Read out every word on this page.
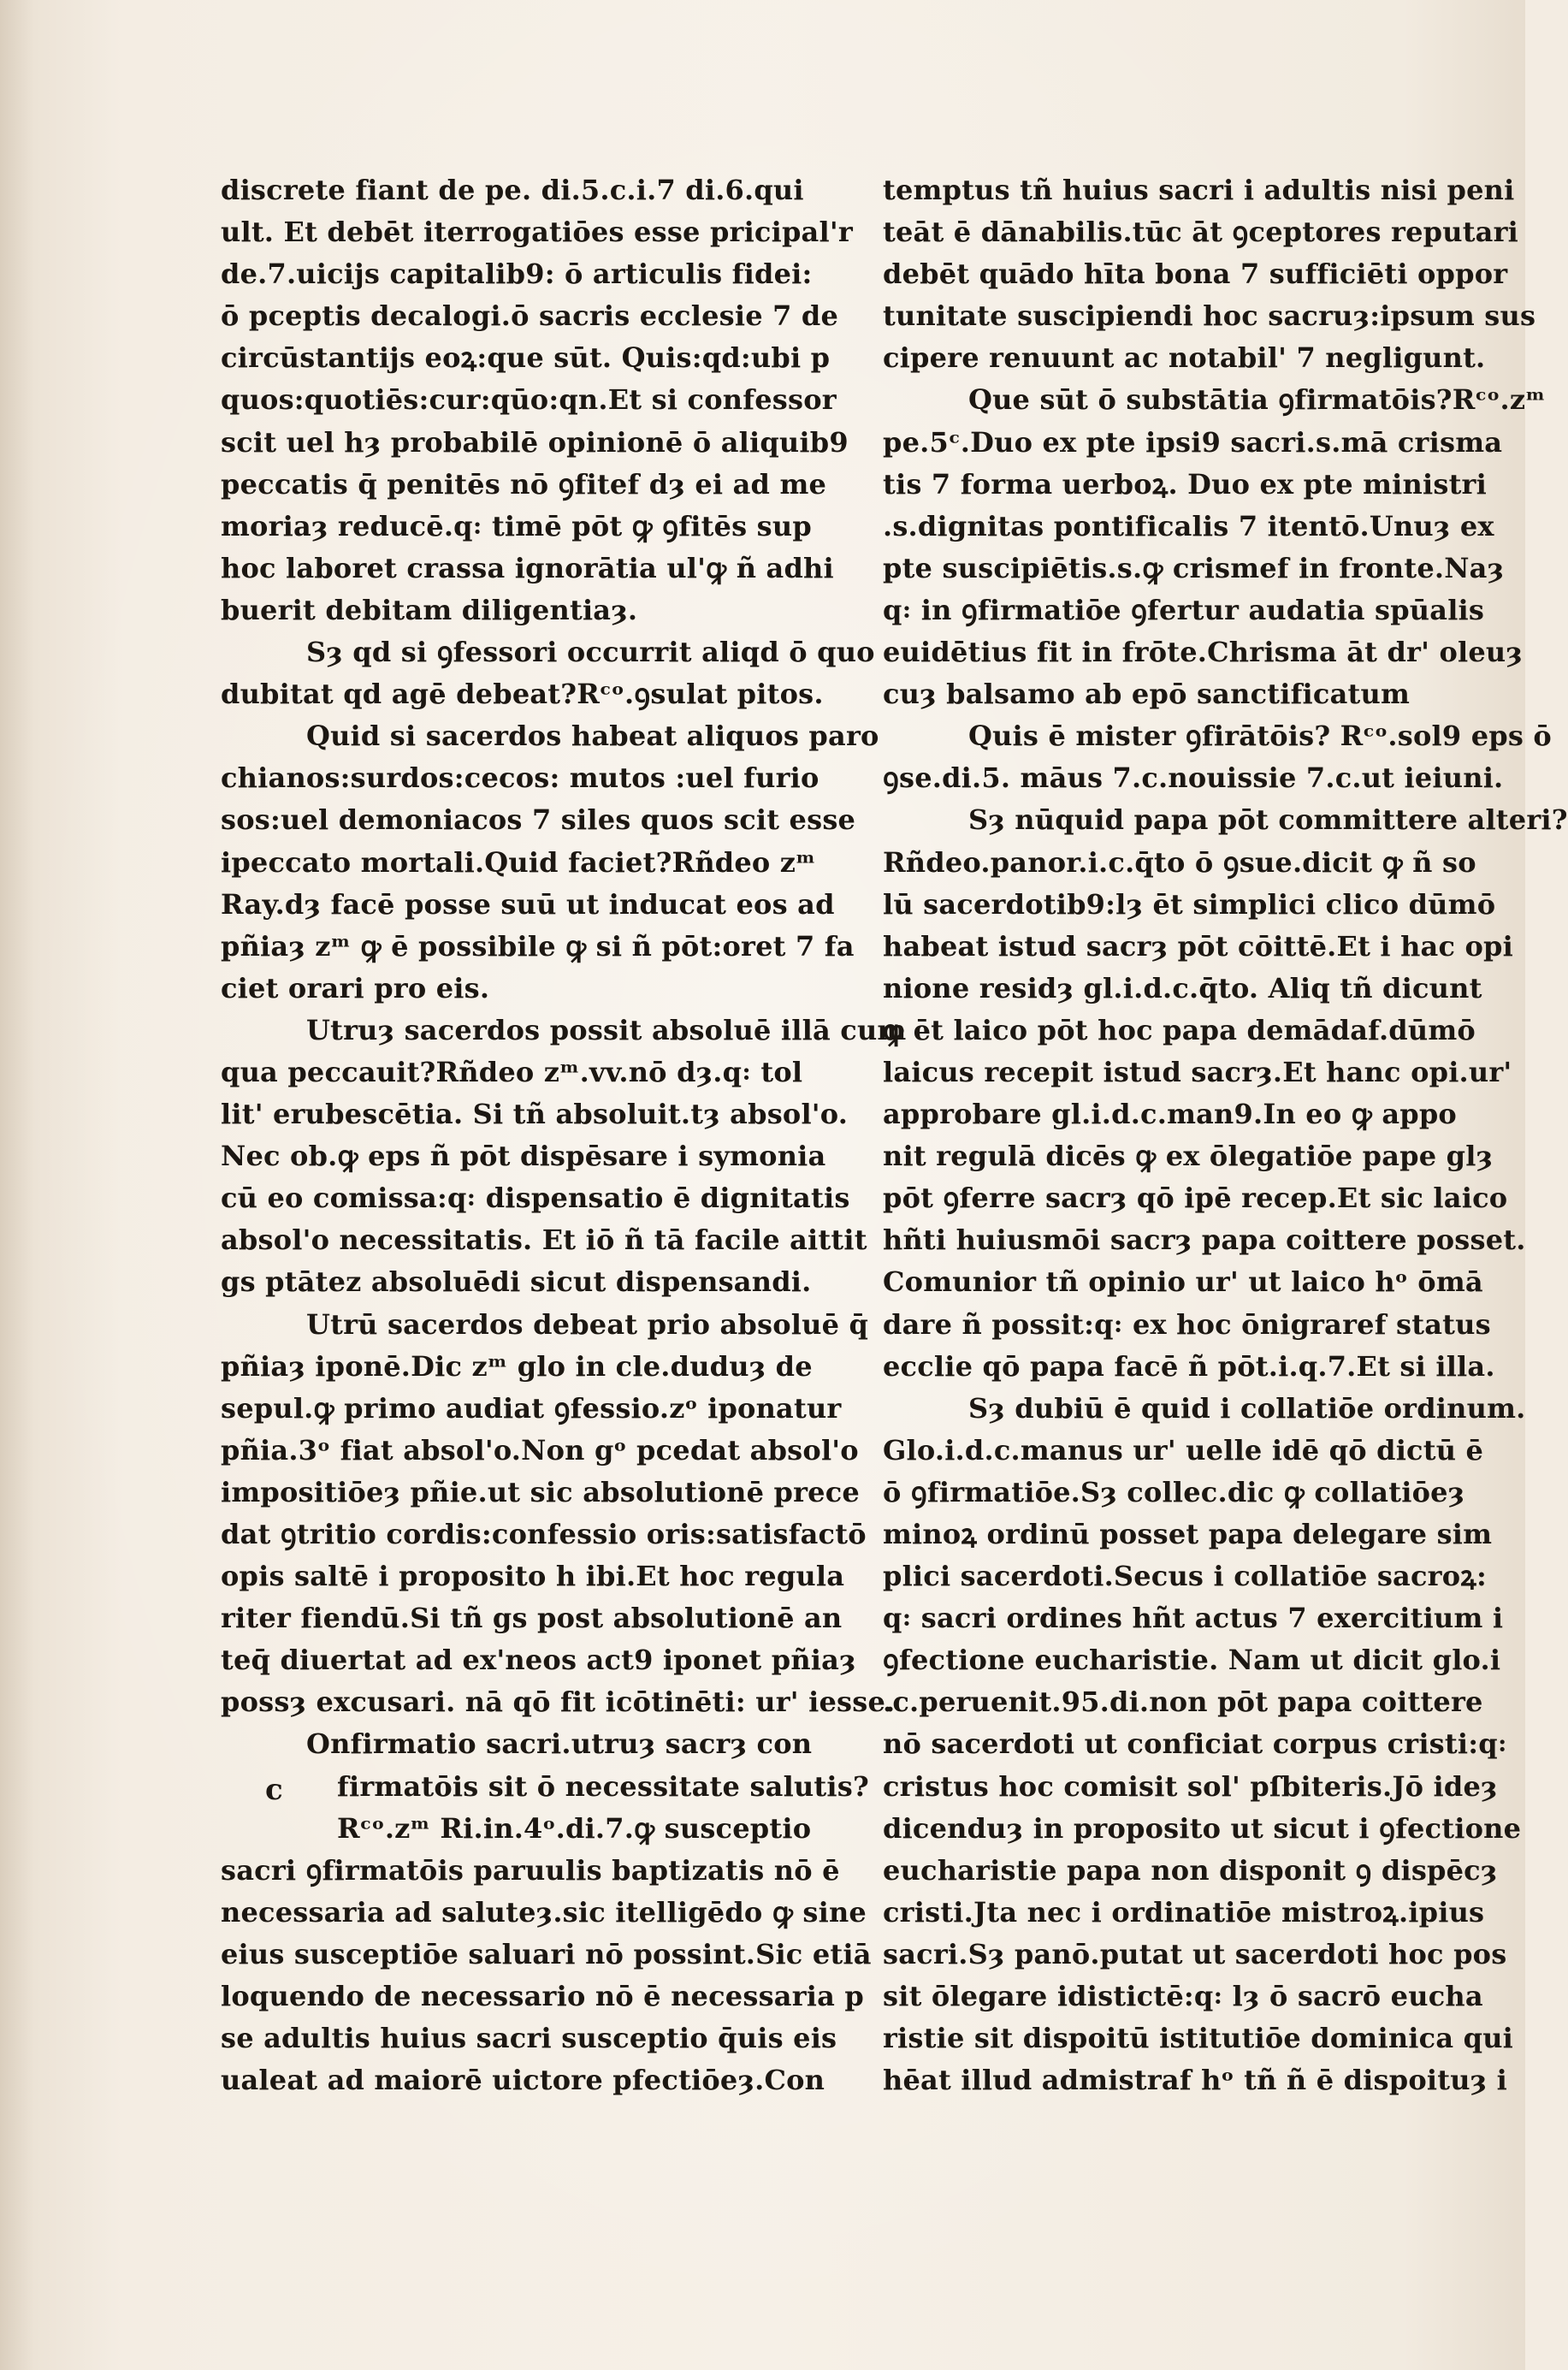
discrete fiant de pe. di.5.c.i.7 di.6.qui
ult. Et debēt iterrogatiōes esse pricipal'r
de.7.uicijs capitalib9: ō articulis fidei:
ō pceptis decalogi.ō sacris ecclesie 7 de
circūstantijs eoꝝ:que sūt. Quis:qd:ubi p
quos:quotiēs:cur:qūo:qn.Et si confessor
scit uel hȝ probabilē opinionē ō aliquib9
peccatis q̄ penitēs nō ꝯfitef dȝ ei ad me
moriaȝ reducē.q꞉ timē pōt ꝙ ꝯfitēs sup
hoc laboret crassa ignorātia ul'ꝙ ñ adhi
buerit debitam diligentiaȝ.
Sȝ qd si ꝯfessori occurrit aliqd ō quo
dubitat qd agē debeat?Rᶜᵒ.ꝯsulat pitos.
Quid si sacerdos habeat aliquos paro
chianos:surdos:cecos: mutos :uel furio
sos:uel demoniacos 7 siles quos scit esse
ipeccato mortali.Quid faciet?Rñdeo zᵐ
Ray.dȝ facē posse suū ut inducat eos ad
pñiaȝ zᵐ ꝙ ē possibile ꝙ si ñ pōt:oret 7 fa
ciet orari pro eis.
Utruȝ sacerdos possit absoluē illā cum
qua peccauit?Rñdeo zᵐ.vv.nō dȝ.q꞉ tol
lit' erubescētia. Si tñ absoluit.tȝ absol'o.
Nec ob.ꝙ eps ñ pōt dispēsare i symonia
cū eo comissa:q꞉ dispensatio ē dignitatis
absol'o necessitatis. Et iō ñ tā facile aittit
gs ptātez absoluēdi sicut dispensandi.
Utrū sacerdos debeat prio absoluē q̄
pñiaȝ iponē.Dic zᵐ glo in cle.duduȝ de
sepul.ꝙ primo audiat ꝯfessio.zᵒ iponatur
pñia.3ᵒ fiat absol'o.Non gᵒ pcedat absol'o
impositiōeȝ pñie.ut sic absolutionē prece
dat ꝯtritio cordis:confessio oris:satisfactō
opis saltē i proposito h ibi.Et hoc regula
riter fiendū.Si tñ gs post absolutionē an
teq̄ diuertat ad ex'neos act9 iponet pñiaȝ
possȝ excusari. nā qō fit icōtinēti: ur' iesse.
Onfirmatio sacri.utruȝ sacrȝ con
firmatōis sit ō necessitate salutis?
Rᶜᵒ.zᵐ Ri.in.4ᵒ.di.7.ꝙ susceptio
sacri ꝯfirmatōis paruulis baptizatis nō ē
necessaria ad saluteȝ.sic itelligēdo ꝙ sine
eius susceptiōe saluari nō possint.Sic etiā
loquendo de necessario nō ē necessaria p
se adultis huius sacri susceptio q̄uis eis
ualeat ad maiorē uictore pfectiōeȝ.Con
temptus tñ huius sacri i adultis nisi peni
teāt ē dānabilis.tūc āt ꝯceptores reputari
debēt quādo hīta bona 7 sufficiēti oppor
tunitate suscipiendi hoc sacruȝ:ipsum sus
cipere renuunt ac notabil' 7 negligunt.
Que sūt ō substātia ꝯfirmatōis?Rᶜᵒ.zᵐ
pe.5ᶜ.Duo ex pte ipsi9 sacri.s.mā crisma
tis 7 forma uerboꝝ. Duo ex pte ministri
.s.dignitas pontificalis 7 itentō.Unuȝ ex
pte suscipiētis.s.ꝙ crismef in fronte.Naȝ
q꞉ in ꝯfirmatiōe ꝯfertur audatia spūalis
euidētius fit in frōte.Chrisma āt dr' oleuȝ
cuȝ balsamo ab epō sanctificatum
Quis ē mister ꝯfirātōis? Rᶜᵒ.sol9 eps ō
ꝯse.di.5. māus 7.c.nouissie 7.c.ut ieiuni.
Sȝ nūquid papa pōt committere alteri?
Rñdeo.panor.i.c.q̄to ō ꝯsue.dicit ꝙ ñ so
lū sacerdotib9:lȝ ēt simplici clico dūmō
habeat istud sacrȝ pōt cōittē.Et i hac opi
nione residȝ gl.i.d.c.q̄to. Aliq tñ dicunt
ꝙ ēt laico pōt hoc papa demādaf.dūmō
laicus recepit istud sacrȝ.Et hanc opi.ur'
approbare gl.i.d.c.man9.In eo ꝙ appo
nit regulā dicēs ꝙ ex ōlegatiōe pape glȝ
pōt ꝯferre sacrȝ qō ipē recep.Et sic laico
hñti huiusmōi sacrȝ papa coittere posset.
Comunior tñ opinio ur' ut laico hᵒ ōmā
dare ñ possit:q꞉ ex hoc ōnigraref status
ecclie qō papa facē ñ pōt.i.q.7.Et si illa.
Sȝ dubiū ē quid i collatiōe ordinum.
Glo.i.d.c.manus ur' uelle idē qō dictū ē
ō ꝯfirmatiōe.Sȝ collec.dic ꝙ collatiōeȝ
minoꝝ ordinū posset papa delegare sim
plici sacerdoti.Secus i collatiōe sacroꝝ:
q꞉ sacri ordines hñt actus 7 exercitium i
ꝯfectione eucharistie. Nam ut dicit glo.i
.c.peruenit.95.di.non pōt papa coittere
nō sacerdoti ut conficiat corpus cristi:q꞉
cristus hoc comisit sol' pſbiteris.Jō ideȝ
dicenduȝ in proposito ut sicut i ꝯfectione
eucharistie papa non disponit ꝯ dispēcȝ
cristi.Jta nec i ordinatiōe mistroꝝ.ipius
sacri.Sȝ panō.putat ut sacerdoti hoc pos
sit ōlegare idistictē:q꞉ lȝ ō sacrō eucha
ristie sit dispoitū istitutiōe dominica qui
hēat illud admistraf hᵒ tñ ñ ē dispoituȝ i
c
